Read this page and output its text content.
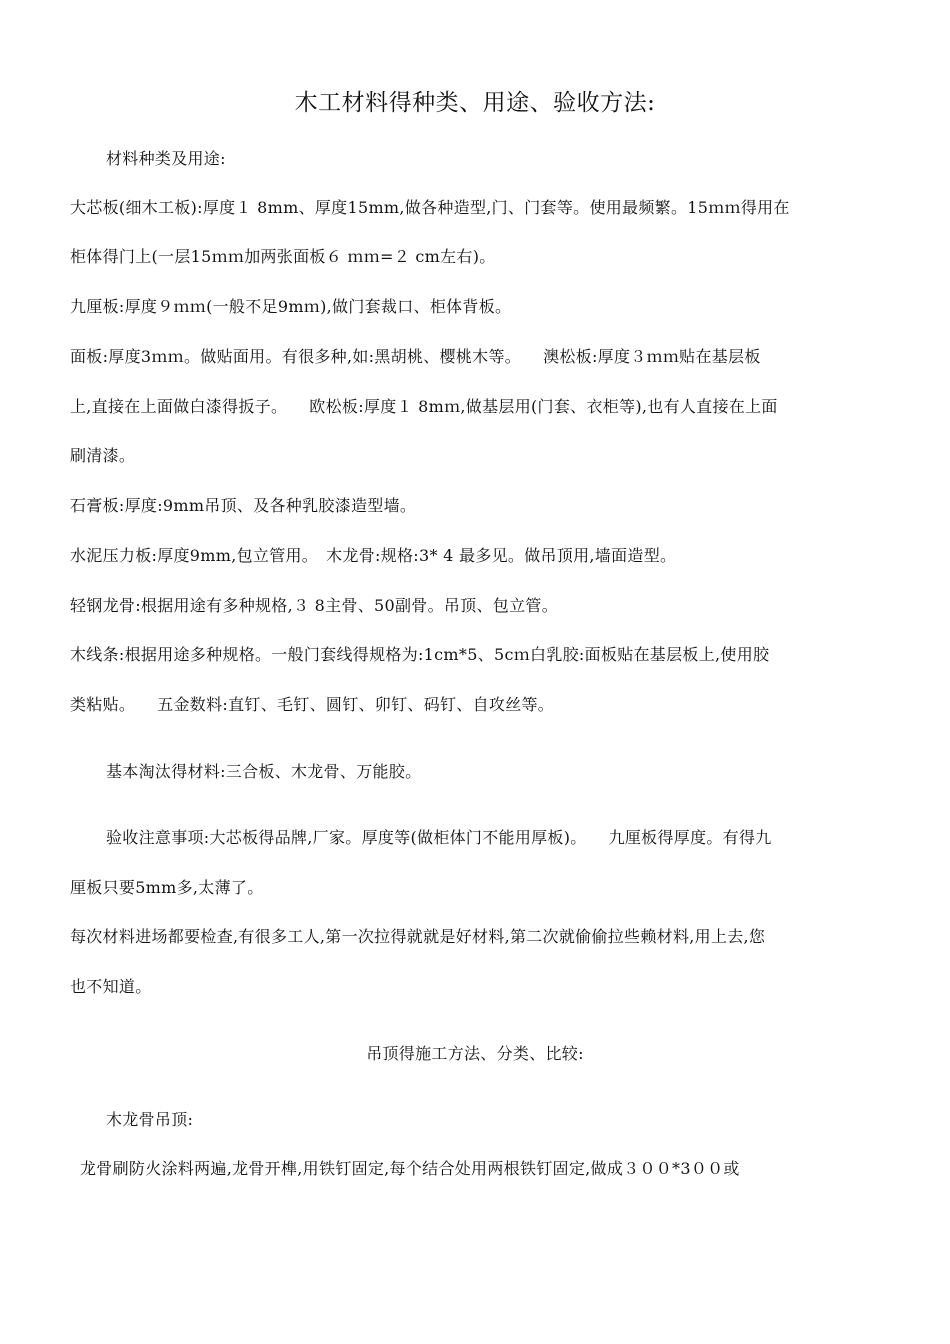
木工材料得种类、用途、验收方法:
材料种类及用途:
大芯板(细木工板):厚度１ 8mm、厚度15mm,做各种造型,门、门套等。使用最频繁。15ｍｍ得用在
柜体得门上(一层15ｍｍ加两张面板６ ｍｍ=２ cm左右)。
九厘板:厚度９ｍｍ(一般不足9mｍ),做门套裁口、柜体背板。
面板:厚度3ｍｍ。做贴面用。有很多种,如:黑胡桃、樱桃木等。 澳松板:厚度３ｍｍ贴在基层板
上,直接在上面做白漆得扳子。 欧松板:厚度１ 8mｍ,做基层用(门套、衣柜等),也有人直接在上面
刷清漆。
石膏板:厚度:9mm吊顶、及各种乳胶漆造型墙。
水泥压力板:厚度9mm,包立管用。 木龙骨:规格:3* 4 最多见。做吊顶用,墙面造型。
轻钢龙骨:根据用途有多种规格,３ 8主骨、50副骨。吊顶、包立管。
木线条:根据用途多种规格。一般门套线得规格为:1cm*5、5cｍ白乳胶:面板贴在基层板上,使用胶
类粘贴。 五金数料:直钉、毛钉、圆钉、卯钉、码钉、自攻丝等。
基本淘汰得材料:三合板、木龙骨、万能胶。
验收注意事项:大芯板得品牌,厂家。厚度等(做柜体门不能用厚板)。 九厘板得厚度。有得九
厘板只要5mm多,太薄了。
每次材料进场都要检查,有很多工人,第一次拉得就就是好材料,第二次就偷偷拉些赖材料,用上去,您
也不知道。
吊顶得施工方法、分类、比较:
木龙骨吊顶:
龙骨刷防火涂料两遍,龙骨开榫,用铁钉固定,每个结合处用两根铁钉固定,做成３００*3００或
